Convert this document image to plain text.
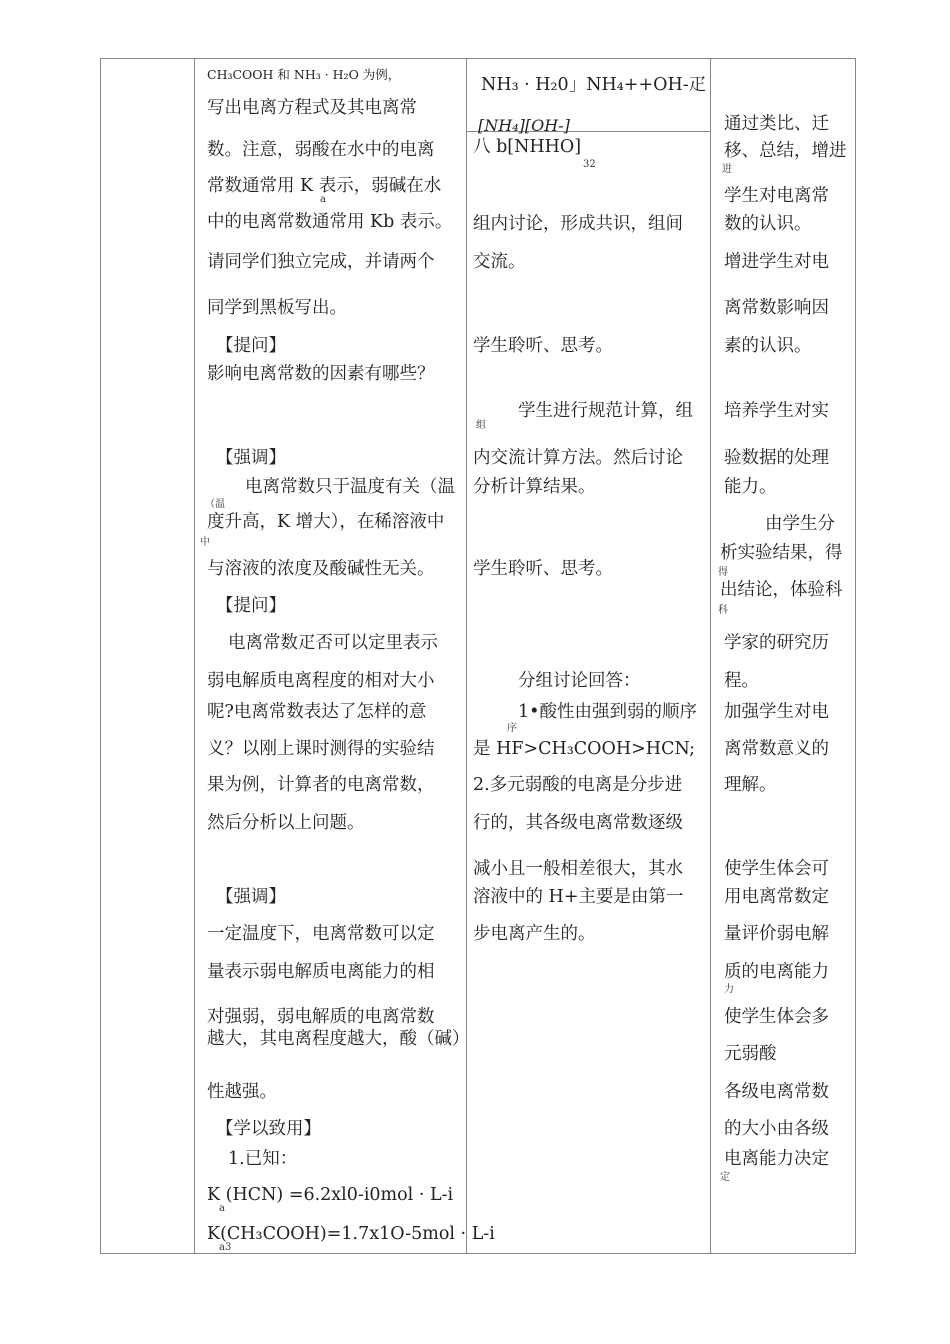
CH₃COOH 和 NH₃ · H₂O 为例，
写出电离方程式及其电离常
数。注意，弱酸在水中的电离
常数通常用 K 表示，弱碱在水
a
中的电离常数通常用 Kb 表示。
请同学们独立完成，并请两个
同学到黑板写出。
【提问】
影响电离常数的因素有哪些？
【强调】
电离常数只于温度有关（温
度升高，K 增大），在稀溶液中
与溶液的浓度及酸碱性无关。
【提问】
电离常数疋否可以定里表示
弱电解质电离程度的相对大小
呢?电离常数表达了怎样的意
义？以刚上课时测得的实验结
果为例，计算者的电离常数，
然后分析以上问题。
【强调】
一定温度下，电离常数可以定
量表示弱电解质电离能力的相
对强弱，弱电解质的电离常数
越大，其电离程度越大，酸（碱）
性越强。
【学以致用】
1.已知：
K (HCN) =6.2xl0-i0mol · L-i
a
K(CH₃COOH)=1.7x1O-5mol · L-i
a3
（温
中
NH₃ · H₂0」NH₄++OH-疋
[NH₄][OH-]
八 b[NHHO]
32
组内讨论，形成共识，组间
交流。
学生聆听、思考。
学生进行规范计算，组
内交流计算方法。然后讨论
分析计算结果。
学生聆听、思考。
分组讨论回答：
1•酸性由强到弱的顺序
是 HF>CH₃COOH>HCN;
2.多元弱酸的电离是分步进
行的，其各级电离常数逐级
减小且一般相差很大，其水
溶液中的 H+主要是由第一
步电离产生的。
组
序
通过类比、迁
移、总结，增进
学生对电离常
数的认识。
增进学生对电
离常数影响因
素的认识。
培养学生对实
验数据的处理
能力。
由学生分
析实验结果，得
出结论，体验科
学家的研究历
程。
加强学生对电
离常数意义的
理解。
使学生体会可
用电离常数定
量评价弱电解
质的电离能力
使学生体会多
元弱酸
各级电离常数
的大小由各级
电离能力决定
进
得
科
力
定
